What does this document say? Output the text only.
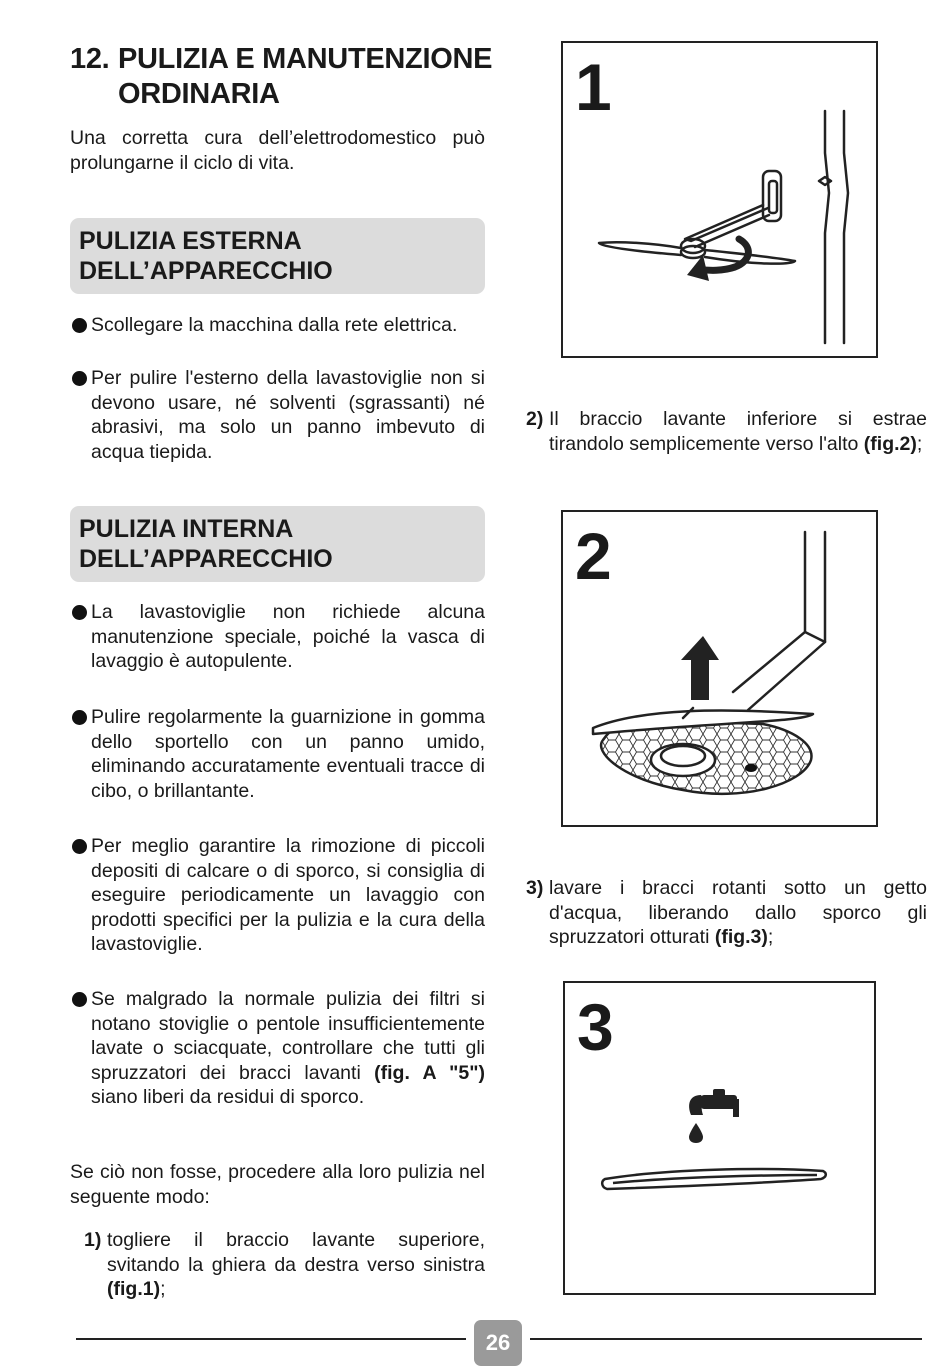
12. PULIZIA E MANUTENZIONE ORDINARIA
Una corretta cura dell’elettrodomestico può prolungarne il ciclo di vita.
PULIZIA ESTERNA DELL’APPARECCHIO
Scollegare la macchina dalla rete elettrica.
Per pulire l'esterno della lavastoviglie non si devono usare, né solventi (sgrassanti) né abrasivi, ma solo un panno imbevuto di acqua tiepida.
PULIZIA INTERNA DELL’APPARECCHIO
La lavastoviglie non richiede alcuna manutenzione speciale, poiché la vasca di lavaggio è autopulente.
Pulire regolarmente la guarnizione in gomma dello sportello con un panno umido, eliminando accuratamente eventuali tracce di cibo, o brillantante.
Per meglio garantire la rimozione di piccoli depositi di calcare o di sporco, si consiglia di eseguire periodicamente un lavaggio con prodotti specifici per la pulizia e la cura della lavastoviglie.
Se malgrado la normale pulizia dei filtri si notano stoviglie o pentole insufficientemente lavate o sciacquate, controllare che tutti gli spruzzatori dei bracci lavanti (fig. A "5") siano liberi da residui di sporco.
Se ciò non fosse, procedere alla loro pulizia nel seguente modo:
1) togliere il braccio lavante superiore, svitando la ghiera da destra verso sinistra (fig.1);
2) Il braccio lavante inferiore si estrae tirandolo semplicemente verso l'alto (fig.2);
3) lavare i bracci rotanti sotto un getto d'acqua, liberando dallo sporco gli spruzzatori otturati (fig.3);
1
2
3
26
